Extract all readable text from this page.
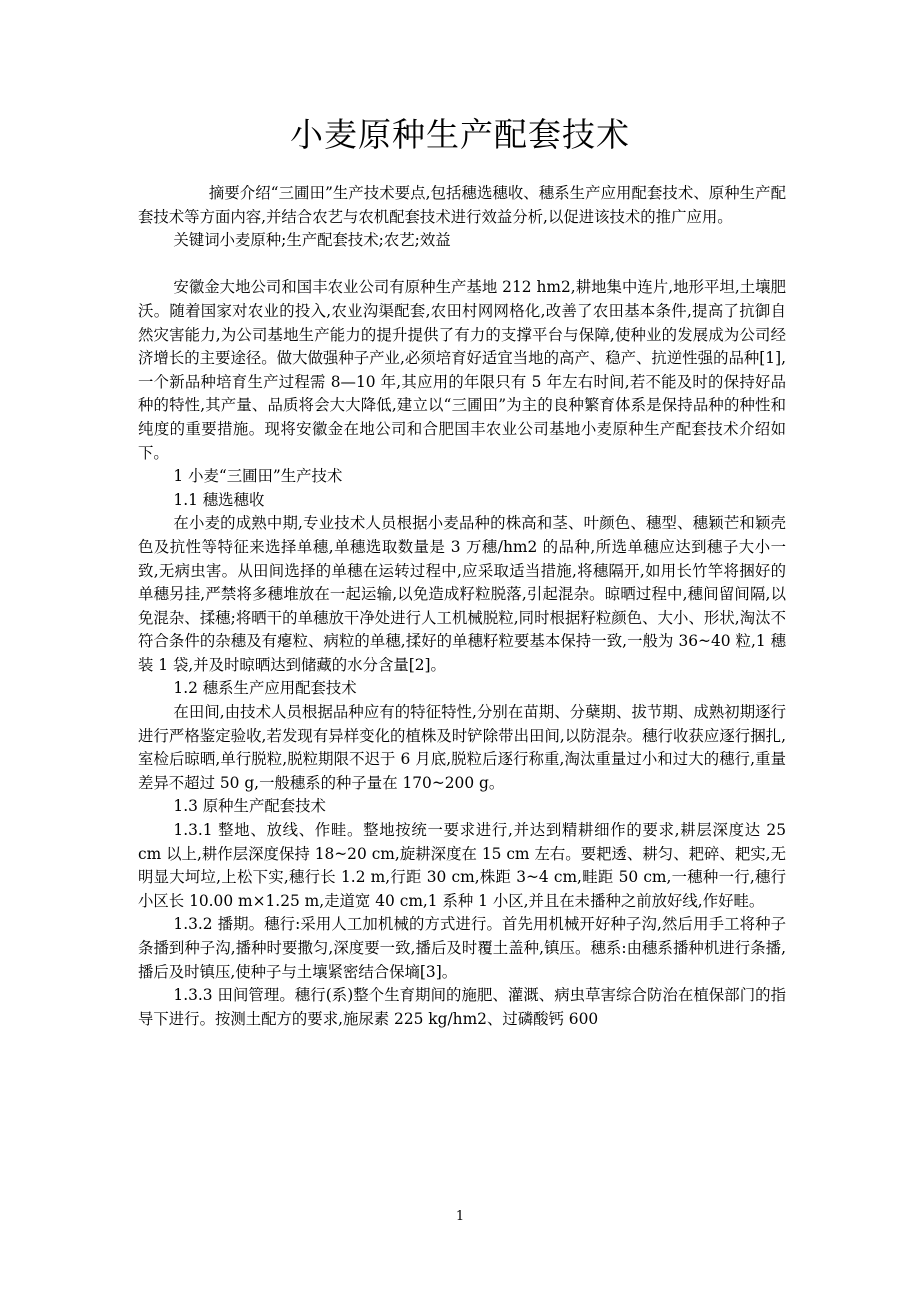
小麦原种生产配套技术

摘要介绍“三圃田”生产技术要点,包括穗选穗收、穗系生产应用配套技术、原种生产配套技术等方面内容,并结合农艺与农机配套技术进行效益分析,以促进该技术的推广应用。

关键词小麦原种;生产配套技术;农艺;效益

安徽金大地公司和国丰农业公司有原种生产基地 212 hm2,耕地集中连片,地形平坦,土壤肥沃。随着国家对农业的投入,农业沟渠配套,农田村网网格化,改善了农田基本条件,提高了抗御自然灾害能力,为公司基地生产能力的提升提供了有力的支撑平台与保障,使种业的发展成为公司经济增长的主要途径。做大做强种子产业,必须培育好适宜当地的高产、稳产、抗逆性强的品种[1],一个新品种培育生产过程需 8—10 年,其应用的年限只有 5 年左右时间,若不能及时的保持好品种的特性,其产量、品质将会大大降低,建立以“三圃田”为主的良种繁育体系是保持品种的种性和纯度的重要措施。现将安徽金在地公司和合肥国丰农业公司基地小麦原种生产配套技术介绍如下。

1 小麦“三圃田”生产技术

1.1 穗选穗收

在小麦的成熟中期,专业技术人员根据小麦品种的株高和茎、叶颜色、穗型、穗颖芒和颖壳色及抗性等特征来选择单穗,单穗选取数量是 3 万穗/hm2 的品种,所选单穗应达到穗子大小一致,无病虫害。从田间选择的单穗在运转过程中,应采取适当措施,将穗隔开,如用长竹竿将捆好的单穗另挂,严禁将多穗堆放在一起运输,以免造成籽粒脱落,引起混杂。晾晒过程中,穗间留间隔,以免混杂、揉穗;将晒干的单穗放干净处进行人工机械脱粒,同时根据籽粒颜色、大小、形状,淘汰不符合条件的杂穗及有瘪粒、病粒的单穗,揉好的单穗籽粒要基本保持一致,一般为 36~40 粒,1 穗装 1 袋,并及时晾晒达到储藏的水分含量[2]。

1.2 穗系生产应用配套技术

在田间,由技术人员根据品种应有的特征特性,分别在苗期、分蘖期、拔节期、成熟初期逐行进行严格鉴定验收,若发现有异样变化的植株及时铲除带出田间,以防混杂。穗行收获应逐行捆扎,室检后晾晒,单行脱粒,脱粒期限不迟于 6 月底,脱粒后逐行称重,淘汰重量过小和过大的穗行,重量差异不超过 50 g,一般穗系的种子量在 170~200 g。

1.3 原种生产配套技术

1.3.1 整地、放线、作畦。整地按统一要求进行,并达到精耕细作的要求,耕层深度达 25 cm 以上,耕作层深度保持 18~20 cm,旋耕深度在 15 cm 左右。要耙透、耕匀、耙碎、耙实,无明显大坷垃,上松下实,穗行长 1.2 m,行距 30 cm,株距 3~4 cm,畦距 50 cm,一穗种一行,穗行小区长 10.00 m×1.25 m,走道宽 40 cm,1 系种 1 小区,并且在未播种之前放好线,作好畦。

1.3.2 播期。穗行:采用人工加机械的方式进行。首先用机械开好种子沟,然后用手工将种子条播到种子沟,播种时要撒匀,深度要一致,播后及时覆土盖种,镇压。穗系:由穗系播种机进行条播,播后及时镇压,使种子与土壤紧密结合保墒[3]。

1.3.3 田间管理。穗行(系)整个生育期间的施肥、灌溉、病虫草害综合防治在植保部门的指导下进行。按测土配方的要求,施尿素 225 kg/hm2、过磷酸钙 600

1
